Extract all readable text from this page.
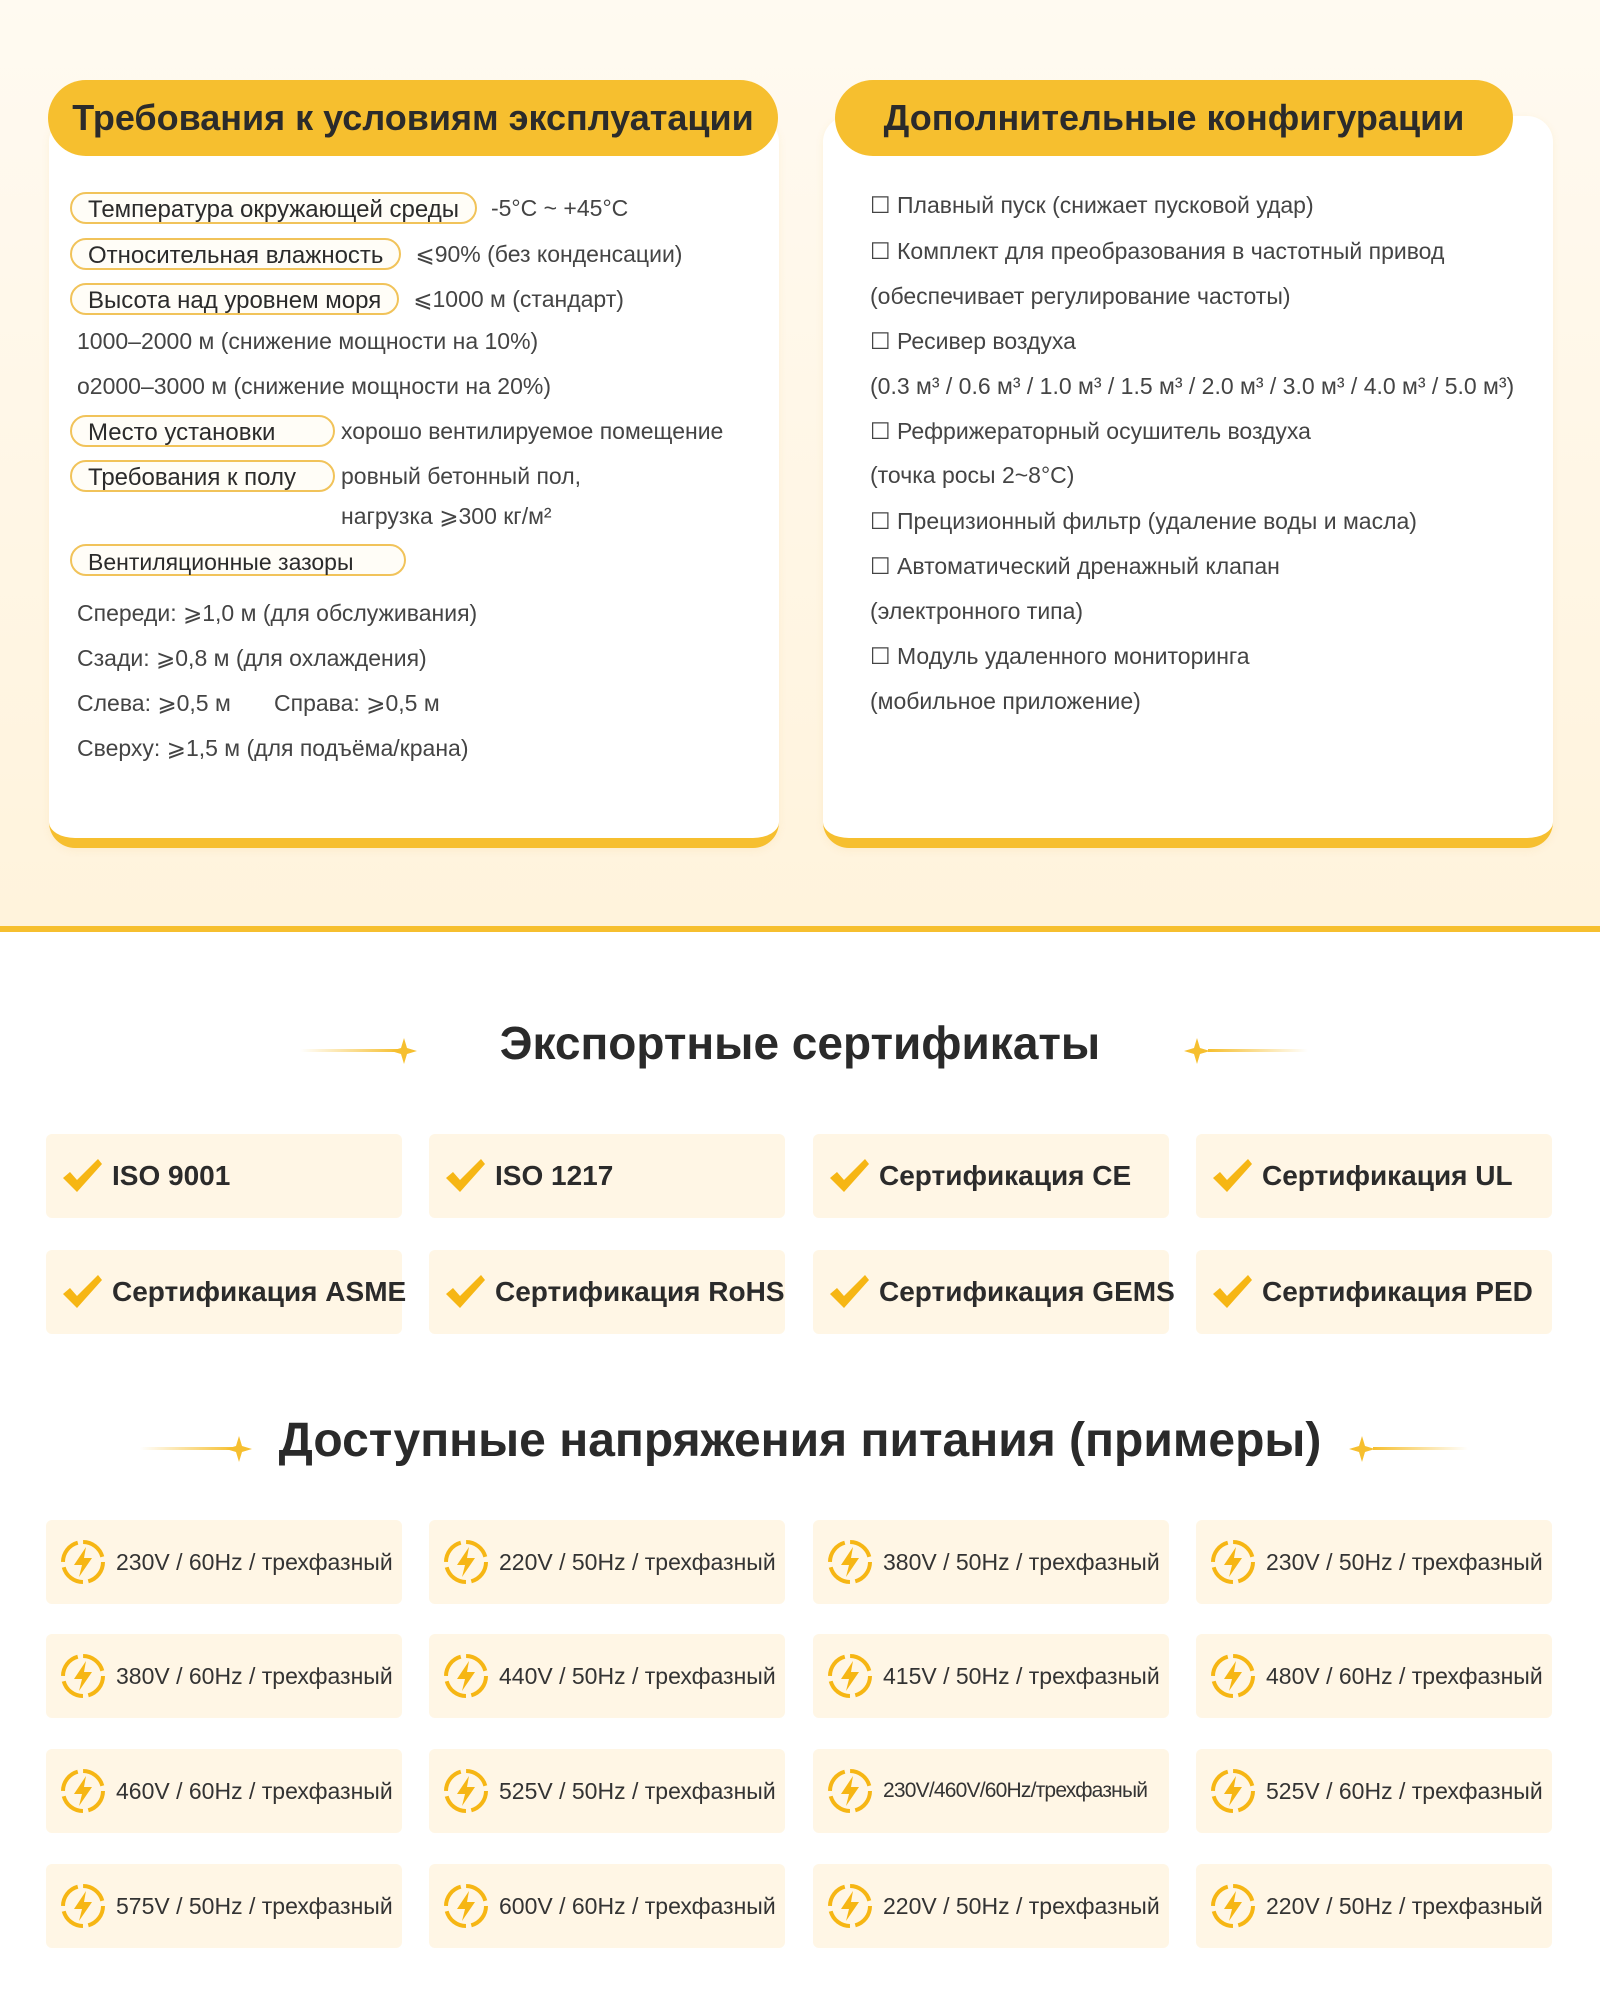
Требования к условиям эксплуатации
Температура окружающей среды	-5°C ~ +45°C
Относительная влажность	⩽90% (без конденсации)
Высота над уровнем моря	⩽1000 м (стандарт)
1000–2000 м (снижение мощности на 10%)
o2000–3000 м (снижение мощности на 20%)
Место установки	хорошо вентилируемое помещение
Требования к полу	ровный бетонный пол,
нагрузка ⩾300 кг/м²
Вентиляционные зазоры
Спереди: ⩾1,0 м (для обслуживания)
Сзади: ⩾0,8 м (для охлаждения)
Слева: ⩾0,5 м Справа: ⩾0,5 м
Сверху: ⩾1,5 м (для подъёма/крана)
Дополнительные конфигурации
☐ Плавный пуск (снижает пусковой удар)
☐ Комплект для преобразования в частотный привод
(обеспечивает регулирование частоты)
☐ Ресивер воздуха
(0.3 м³ / 0.6 м³ / 1.0 м³ / 1.5 м³ / 2.0 м³ / 3.0 м³ / 4.0 м³ / 5.0 м³)
☐ Рефрижераторный осушитель воздуха
(точка росы 2~8°C)
☐ Прецизионный фильтр (удаление воды и масла)
☐ Автоматический дренажный клапан
(электронного типа)
☐ Модуль удаленного мониторинга
(мобильное приложение)
Экспортные сертификаты
ISO 9001	ISO 1217	Сертификация CE	Сертификация UL
Сертификация ASME	Сертификация RoHS	Сертификация GEMS	Сертификация PED
Доступные напряжения питания (примеры)
230V / 60Hz / трехфазный	220V / 50Hz / трехфазный	380V / 50Hz / трехфазный	230V / 50Hz / трехфазный
380V / 60Hz / трехфазный	440V / 50Hz / трехфазный	415V / 50Hz / трехфазный	480V / 60Hz / трехфазный
460V / 60Hz / трехфазный	525V / 50Hz / трехфазный	230V/460V/60Hz/трехфазный	525V / 60Hz / трехфазный
575V / 50Hz / трехфазный	600V / 60Hz / трехфазный	220V / 50Hz / трехфазный	220V / 50Hz / трехфазный
